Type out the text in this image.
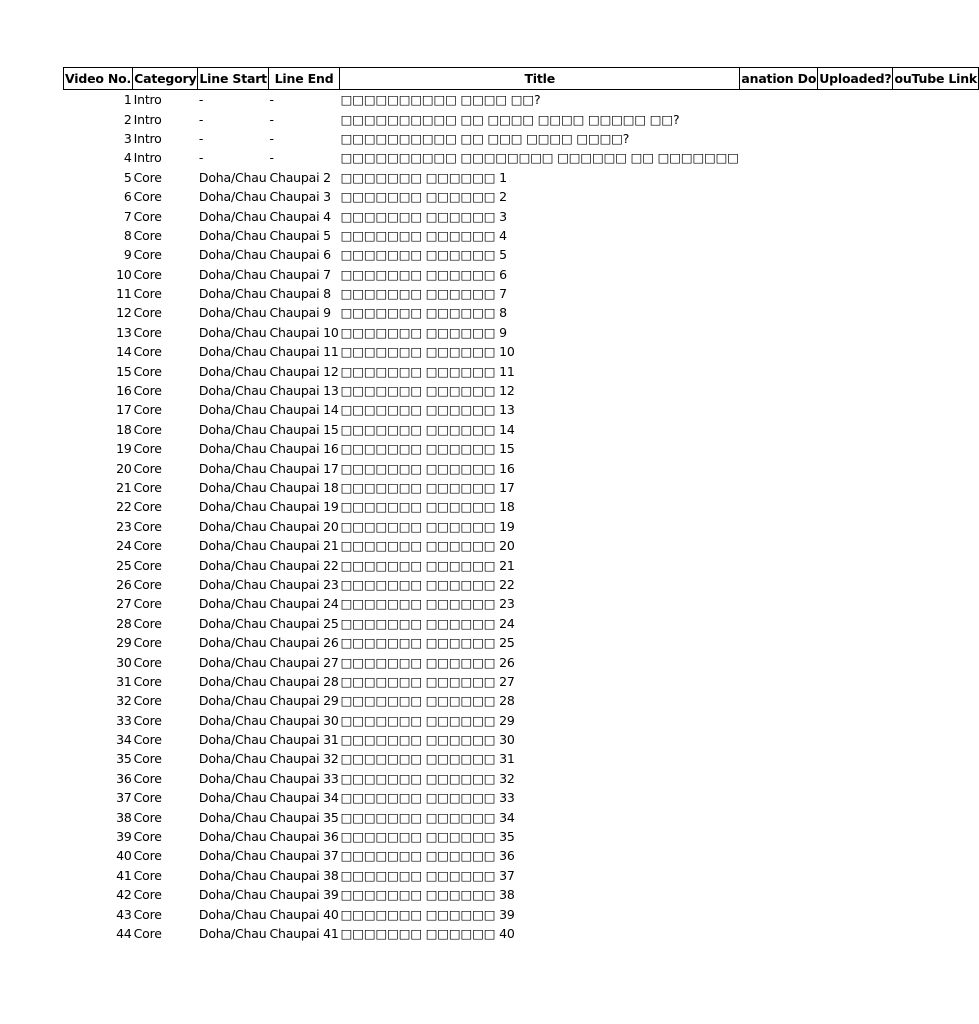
Video No.	Category	Line Start	Line End	Title	anation Do	Uploaded?	ouTube Link
1	Intro	-	-	□□□□□□□□□□ □□□□ □□?			
2	Intro	-	-	□□□□□□□□□□ □□ □□□□ □□□□ □□□□□ □□?			
3	Intro	-	-	□□□□□□□□□□ □□ □□□ □□□□ □□□□?			
4	Intro	-	-	□□□□□□□□□□ □□□□□□□□ □□□□□□ □□ □□□□□□□			
5	Core	Doha/Chau	Chaupai 2	□□□□□□□ □□□□□□ 1			
6	Core	Doha/Chau	Chaupai 3	□□□□□□□ □□□□□□ 2			
7	Core	Doha/Chau	Chaupai 4	□□□□□□□ □□□□□□ 3			
8	Core	Doha/Chau	Chaupai 5	□□□□□□□ □□□□□□ 4			
9	Core	Doha/Chau	Chaupai 6	□□□□□□□ □□□□□□ 5			
10	Core	Doha/Chau	Chaupai 7	□□□□□□□ □□□□□□ 6			
11	Core	Doha/Chau	Chaupai 8	□□□□□□□ □□□□□□ 7			
12	Core	Doha/Chau	Chaupai 9	□□□□□□□ □□□□□□ 8			
13	Core	Doha/Chau	Chaupai 10	□□□□□□□ □□□□□□ 9			
14	Core	Doha/Chau	Chaupai 11	□□□□□□□ □□□□□□ 10			
15	Core	Doha/Chau	Chaupai 12	□□□□□□□ □□□□□□ 11			
16	Core	Doha/Chau	Chaupai 13	□□□□□□□ □□□□□□ 12			
17	Core	Doha/Chau	Chaupai 14	□□□□□□□ □□□□□□ 13			
18	Core	Doha/Chau	Chaupai 15	□□□□□□□ □□□□□□ 14			
19	Core	Doha/Chau	Chaupai 16	□□□□□□□ □□□□□□ 15			
20	Core	Doha/Chau	Chaupai 17	□□□□□□□ □□□□□□ 16			
21	Core	Doha/Chau	Chaupai 18	□□□□□□□ □□□□□□ 17			
22	Core	Doha/Chau	Chaupai 19	□□□□□□□ □□□□□□ 18			
23	Core	Doha/Chau	Chaupai 20	□□□□□□□ □□□□□□ 19			
24	Core	Doha/Chau	Chaupai 21	□□□□□□□ □□□□□□ 20			
25	Core	Doha/Chau	Chaupai 22	□□□□□□□ □□□□□□ 21			
26	Core	Doha/Chau	Chaupai 23	□□□□□□□ □□□□□□ 22			
27	Core	Doha/Chau	Chaupai 24	□□□□□□□ □□□□□□ 23			
28	Core	Doha/Chau	Chaupai 25	□□□□□□□ □□□□□□ 24			
29	Core	Doha/Chau	Chaupai 26	□□□□□□□ □□□□□□ 25			
30	Core	Doha/Chau	Chaupai 27	□□□□□□□ □□□□□□ 26			
31	Core	Doha/Chau	Chaupai 28	□□□□□□□ □□□□□□ 27			
32	Core	Doha/Chau	Chaupai 29	□□□□□□□ □□□□□□ 28			
33	Core	Doha/Chau	Chaupai 30	□□□□□□□ □□□□□□ 29			
34	Core	Doha/Chau	Chaupai 31	□□□□□□□ □□□□□□ 30			
35	Core	Doha/Chau	Chaupai 32	□□□□□□□ □□□□□□ 31			
36	Core	Doha/Chau	Chaupai 33	□□□□□□□ □□□□□□ 32			
37	Core	Doha/Chau	Chaupai 34	□□□□□□□ □□□□□□ 33			
38	Core	Doha/Chau	Chaupai 35	□□□□□□□ □□□□□□ 34			
39	Core	Doha/Chau	Chaupai 36	□□□□□□□ □□□□□□ 35			
40	Core	Doha/Chau	Chaupai 37	□□□□□□□ □□□□□□ 36			
41	Core	Doha/Chau	Chaupai 38	□□□□□□□ □□□□□□ 37			
42	Core	Doha/Chau	Chaupai 39	□□□□□□□ □□□□□□ 38			
43	Core	Doha/Chau	Chaupai 40	□□□□□□□ □□□□□□ 39			
44	Core	Doha/Chau	Chaupai 41	□□□□□□□ □□□□□□ 40			
